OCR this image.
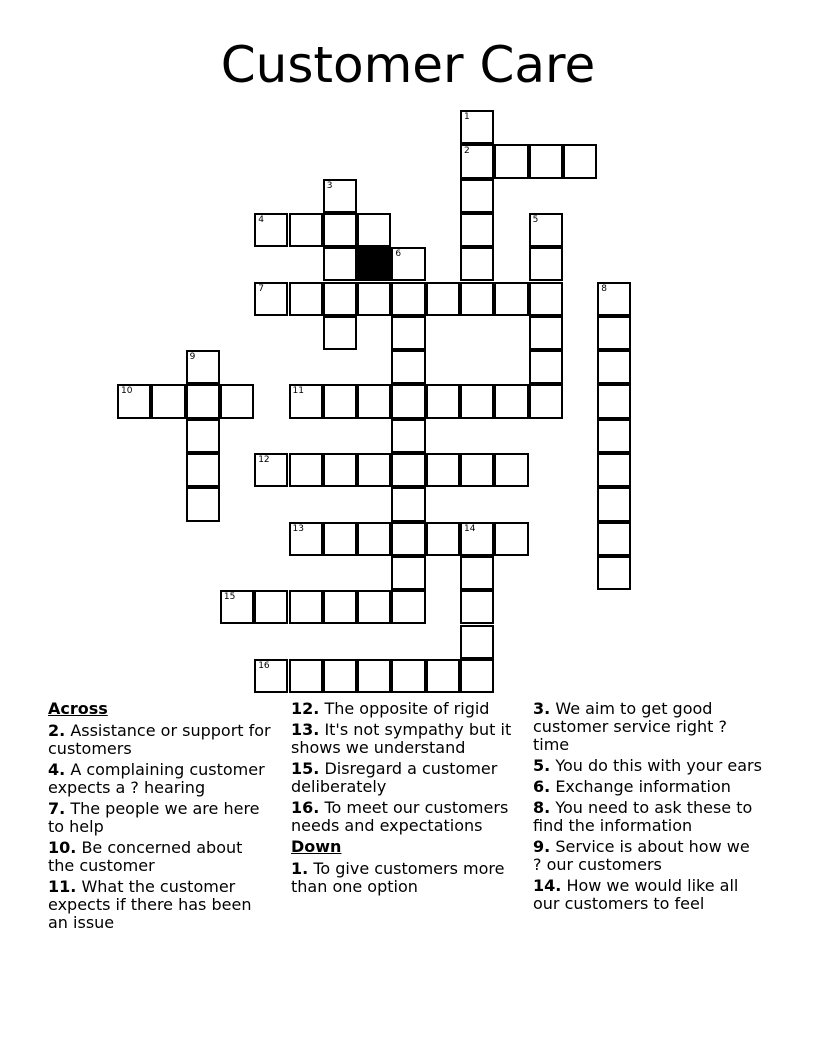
Customer Care
1
2
3
4	5
6
7	8
9
10	11
12
13	14
15
16
Across
2. Assistance or support for customers
4. A complaining customer expects a ? hearing
7. The people we are here to help
10. Be concerned about the customer
11. What the customer expects if there has been an issue
12. The opposite of rigid
13. It's not sympathy but it shows we understand
15. Disregard a customer deliberately
16. To meet our customers needs and expectations
Down
1. To give customers more than one option
3. We aim to get good customer service right ? time
5. You do this with your ears
6. Exchange information
8. You need to ask these to find the information
9. Service is about how we ? our customers
14. How we would like all our customers to feel
